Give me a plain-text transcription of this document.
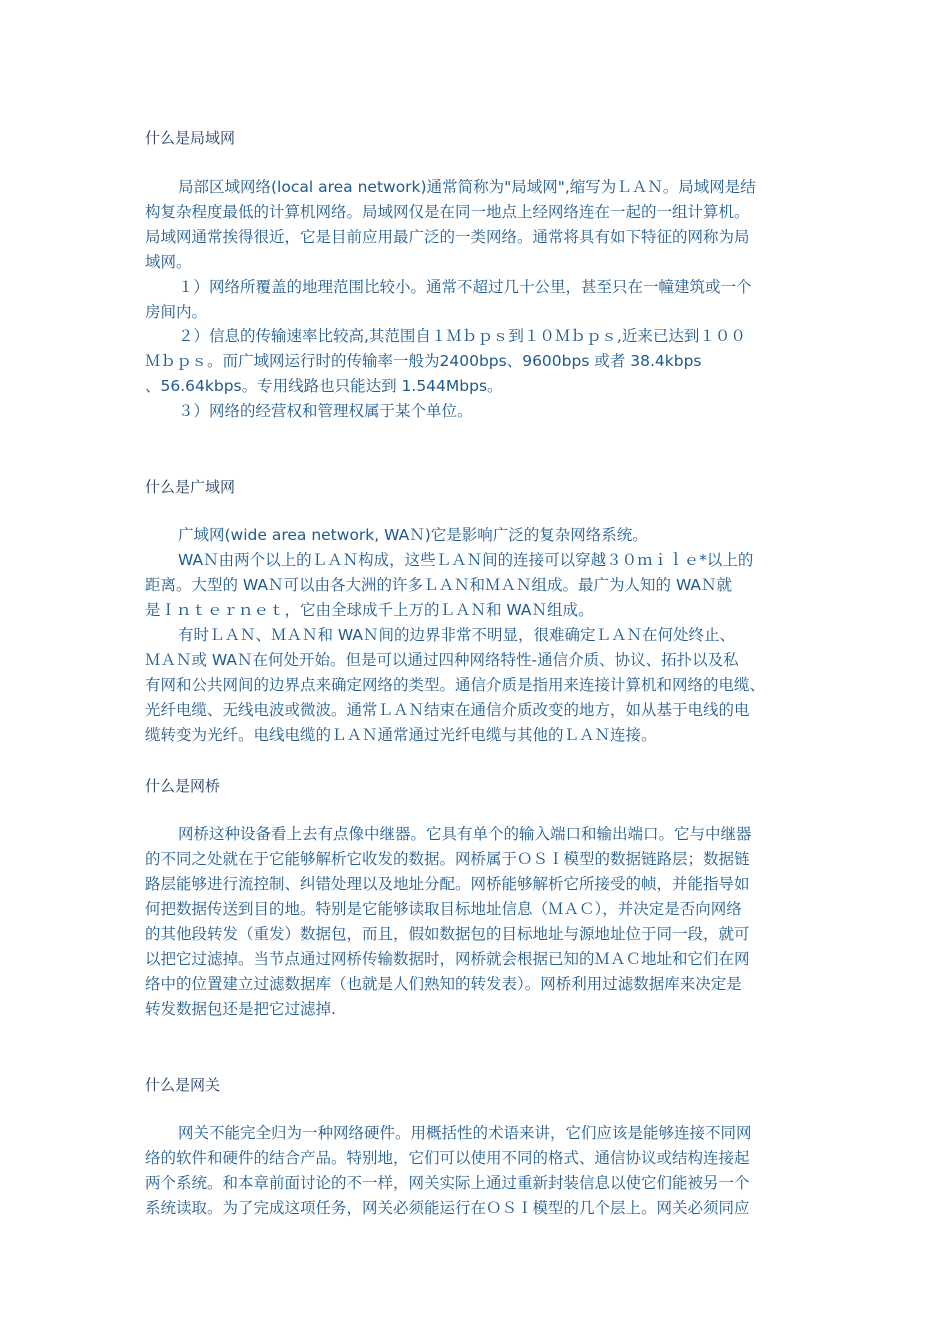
什么是局域网
局部区域网络(local area network)通常简称为"局域网",缩写为ＬＡＮ。局域网是结
构复杂程度最低的计算机网络。局域网仅是在同一地点上经网络连在一起的一组计算机。
局域网通常挨得很近，它是目前应用最广泛的一类网络。通常将具有如下特征的网称为局
域网。
１）网络所覆盖的地理范围比较小。通常不超过几十公里，甚至只在一幢建筑或一个
房间内。
２）信息的传输速率比较高,其范围自１Ｍｂｐｓ到１０Ｍｂｐｓ,近来已达到１００
Ｍｂｐｓ。而广域网运行时的传输率一般为2400bps、9600bps 或者 38.4kbps
、56.64kbps。专用线路也只能达到 1.544Mbps。
３）网络的经营权和管理权属于某个单位。
什么是广域网
广域网(wide area network, WAＮ)它是影响广泛的复杂网络系统。
WAＮ由两个以上的ＬＡＮ构成，这些ＬＡＮ间的连接可以穿越３０ｍｉｌｅ*以上的
距离。大型的 WAＮ可以由各大洲的许多ＬＡＮ和ＭＡＮ组成。最广为人知的 WAＮ就
是Ｉｎｔｅｒｎｅｔ，它由全球成千上万的ＬＡＮ和 WAＮ组成。
有时ＬＡＮ、ＭＡＮ和 WAＮ间的边界非常不明显，很难确定ＬＡＮ在何处终止、
ＭＡＮ或 WAＮ在何处开始。但是可以通过四种网络特性-通信介质、协议、拓扑以及私
有网和公共网间的边界点来确定网络的类型。通信介质是指用来连接计算机和网络的电缆、
光纤电缆、无线电波或微波。通常ＬＡＮ结束在通信介质改变的地方，如从基于电线的电
缆转变为光纤。电线电缆的ＬＡＮ通常通过光纤电缆与其他的ＬＡＮ连接。
什么是网桥
网桥这种设备看上去有点像中继器。它具有单个的输入端口和输出端口。它与中继器
的不同之处就在于它能够解析它收发的数据。网桥属于ＯＳＩ模型的数据链路层；数据链
路层能够进行流控制、纠错处理以及地址分配。网桥能够解析它所接受的帧，并能指导如
何把数据传送到目的地。特别是它能够读取目标地址信息（ＭＡＣ），并决定是否向网络
的其他段转发（重发）数据包，而且，假如数据包的目标地址与源地址位于同一段，就可
以把它过滤掉。当节点通过网桥传输数据时，网桥就会根据已知的ＭＡＣ地址和它们在网
络中的位置建立过滤数据库（也就是人们熟知的转发表）。网桥利用过滤数据库来决定是
转发数据包还是把它过滤掉.
什么是网关
网关不能完全归为一种网络硬件。用概括性的术语来讲，它们应该是能够连接不同网
络的软件和硬件的结合产品。特别地，它们可以使用不同的格式、通信协议或结构连接起
两个系统。和本章前面讨论的不一样，网关实际上通过重新封装信息以使它们能被另一个
系统读取。为了完成这项任务，网关必须能运行在ＯＳＩ模型的几个层上。网关必须同应
